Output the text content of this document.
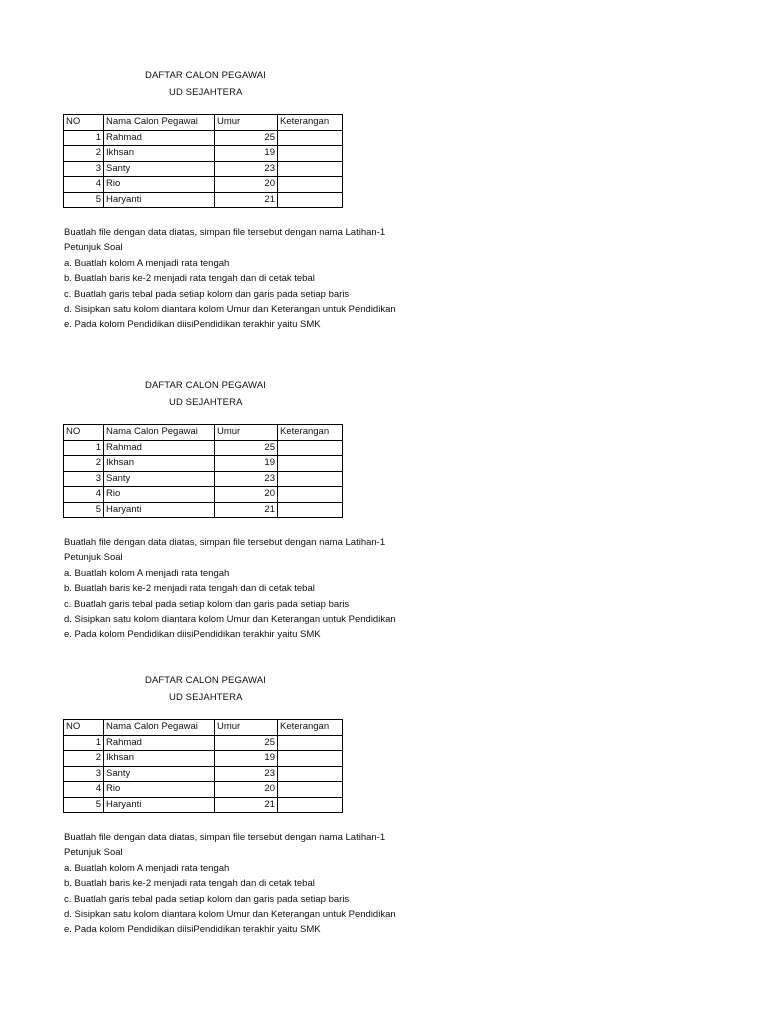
DAFTAR CALON PEGAWAI
UD SEJAHTERA
NO	Nama Calon Pegawai	Umur	Keterangan
1	Rahmad	25	
2	Ikhsan	19	
3	Santy	23	
4	Rio	20	
5	Haryanti	21	

Buatlah file dengan data diatas, simpan file tersebut dengan nama Latihan-1

Petunjuk Soal

a. Buatlah kolom A menjadi rata tengah

b. Buatlah baris ke-2 menjadi rata tengah dan di cetak tebal

c. Buatlah garis tebal pada setiap kolom dan garis pada setiap baris

d. Sisipkan satu kolom diantara kolom Umur dan Keterangan untuk Pendidikan

e. Pada kolom Pendidikan diisiPendidikan terakhir yaitu SMK

DAFTAR CALON PEGAWAI
UD SEJAHTERA
NO	Nama Calon Pegawai	Umur	Keterangan
1	Rahmad	25	
2	Ikhsan	19	
3	Santy	23	
4	Rio	20	
5	Haryanti	21	

Buatlah file dengan data diatas, simpan file tersebut dengan nama Latihan-1

Petunjuk Soal

a. Buatlah kolom A menjadi rata tengah

b. Buatlah baris ke-2 menjadi rata tengah dan di cetak tebal

c. Buatlah garis tebal pada setiap kolom dan garis pada setiap baris

d. Sisipkan satu kolom diantara kolom Umur dan Keterangan untuk Pendidikan

e. Pada kolom Pendidikan diisiPendidikan terakhir yaitu SMK

DAFTAR CALON PEGAWAI
UD SEJAHTERA
NO	Nama Calon Pegawai	Umur	Keterangan
1	Rahmad	25	
2	Ikhsan	19	
3	Santy	23	
4	Rio	20	
5	Haryanti	21	

Buatlah file dengan data diatas, simpan file tersebut dengan nama Latihan-1

Petunjuk Soal

a. Buatlah kolom A menjadi rata tengah

b. Buatlah baris ke-2 menjadi rata tengah dan di cetak tebal

c. Buatlah garis tebal pada setiap kolom dan garis pada setiap baris

d. Sisipkan satu kolom diantara kolom Umur dan Keterangan untuk Pendidikan

e. Pada kolom Pendidikan diisiPendidikan terakhir yaitu SMK
